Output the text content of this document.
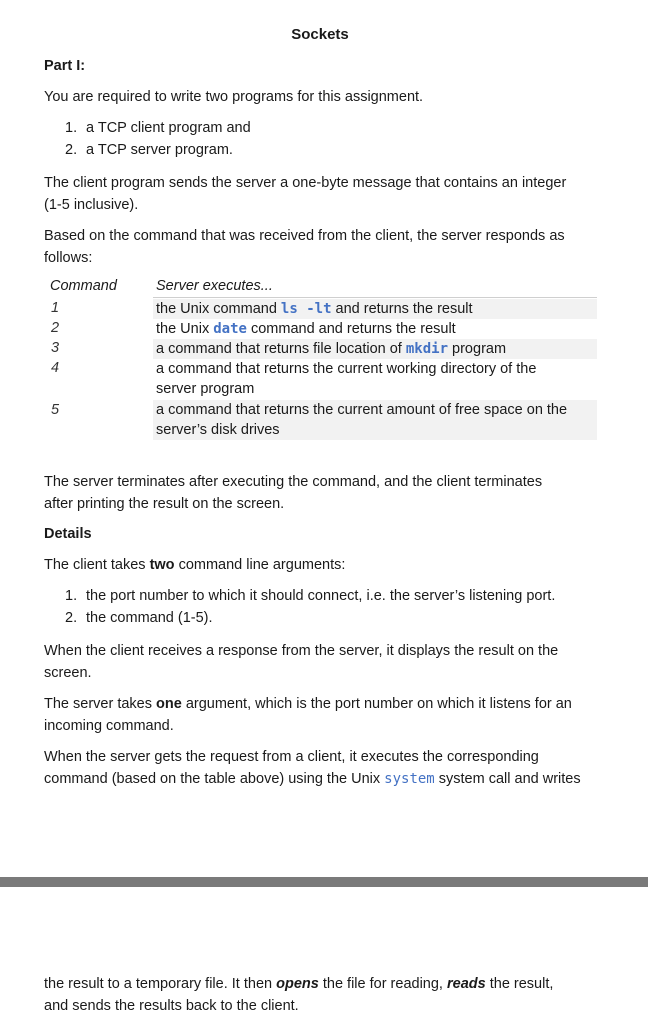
Sockets
Part I:
You are required to write two programs for this assignment.
1. a TCP client program and
2. a TCP server program.
The client program sends the server a one-byte message that contains an integer
(1-5 inclusive).
Based on the command that was received from the client, the server responds as
follows:
Command	Server executes...
1	the Unix command ls -lt and returns the result
2	the Unix date command and returns the result
3	a command that returns file location of mkdir program
4	a command that returns the current working directory of the
server program
5	a command that returns the current amount of free space on the
server’s disk drives
The server terminates after executing the command, and the client terminates
after printing the result on the screen.
Details
The client takes two command line arguments:
1. the port number to which it should connect, i.e. the server’s listening port.
2. the command (1-5).
When the client receives a response from the server, it displays the result on the
screen.
The server takes one argument, which is the port number on which it listens for an
incoming command.
When the server gets the request from a client, it executes the corresponding
command (based on the table above) using the Unix system system call and writes
the result to a temporary file. It then opens the file for reading, reads the result,
and sends the results back to the client.
